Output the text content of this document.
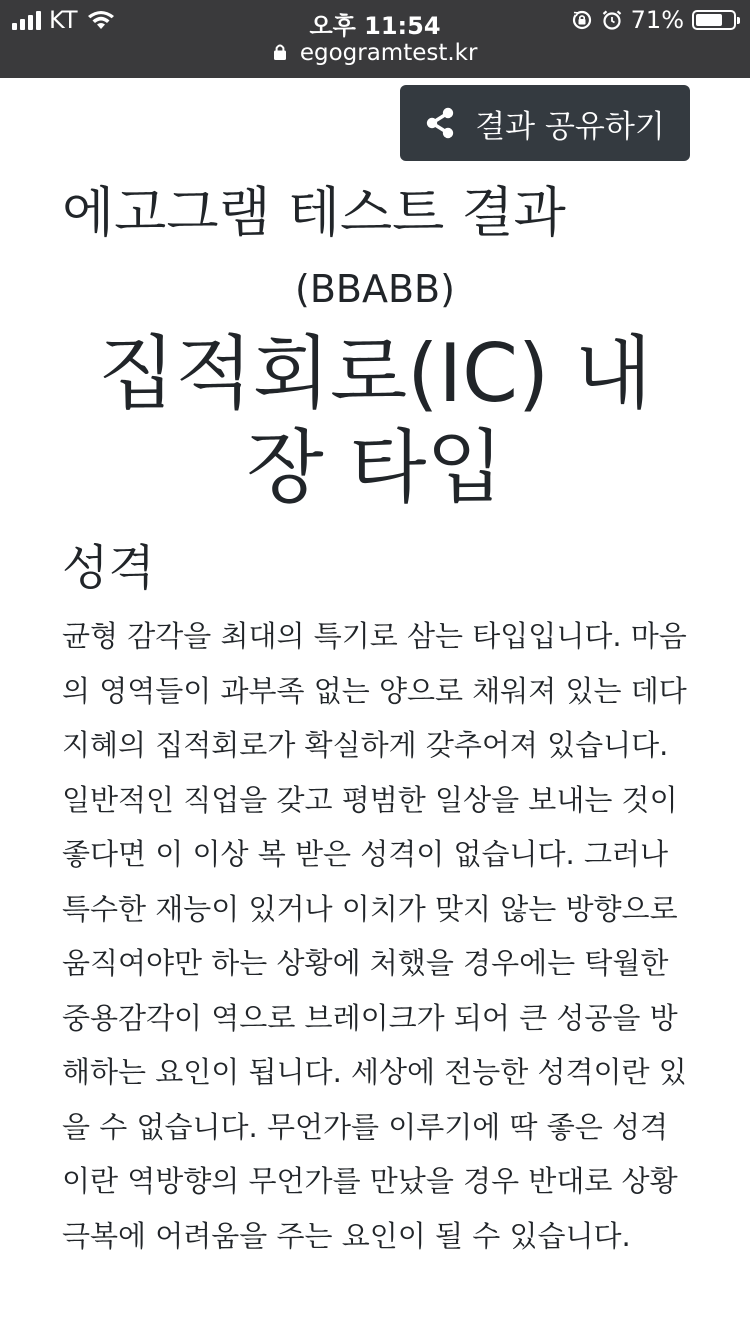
KT	오후 11:54	71%
egogramtest.kr
결과 공유하기
에고그램 테스트 결과

(BBABB)

집적회로(IC) 내장 타입
성격

균형 감각을 최대의 특기로 삼는 타입입니다. 마음의 영역들이 과부족 없는 양으로 채워져 있는 데다 지혜의 집적회로가 확실하게 갖추어져 있습니다. 일반적인 직업을 갖고 평범한 일상을 보내는 것이 좋다면 이 이상 복 받은 성격이 없습니다. 그러나 특수한 재능이 있거나 이치가 맞지 않는 방향으로 움직여야만 하는 상황에 처했을 경우에는 탁월한 중용감각이 역으로 브레이크가 되어 큰 성공을 방해하는 요인이 됩니다. 세상에 전능한 성격이란 있을 수 없습니다. 무언가를 이루기에 딱 좋은 성격이란 역방향의 무언가를 만났을 경우 반대로 상황극복에 어려움을 주는 요인이 될 수 있습니다.
